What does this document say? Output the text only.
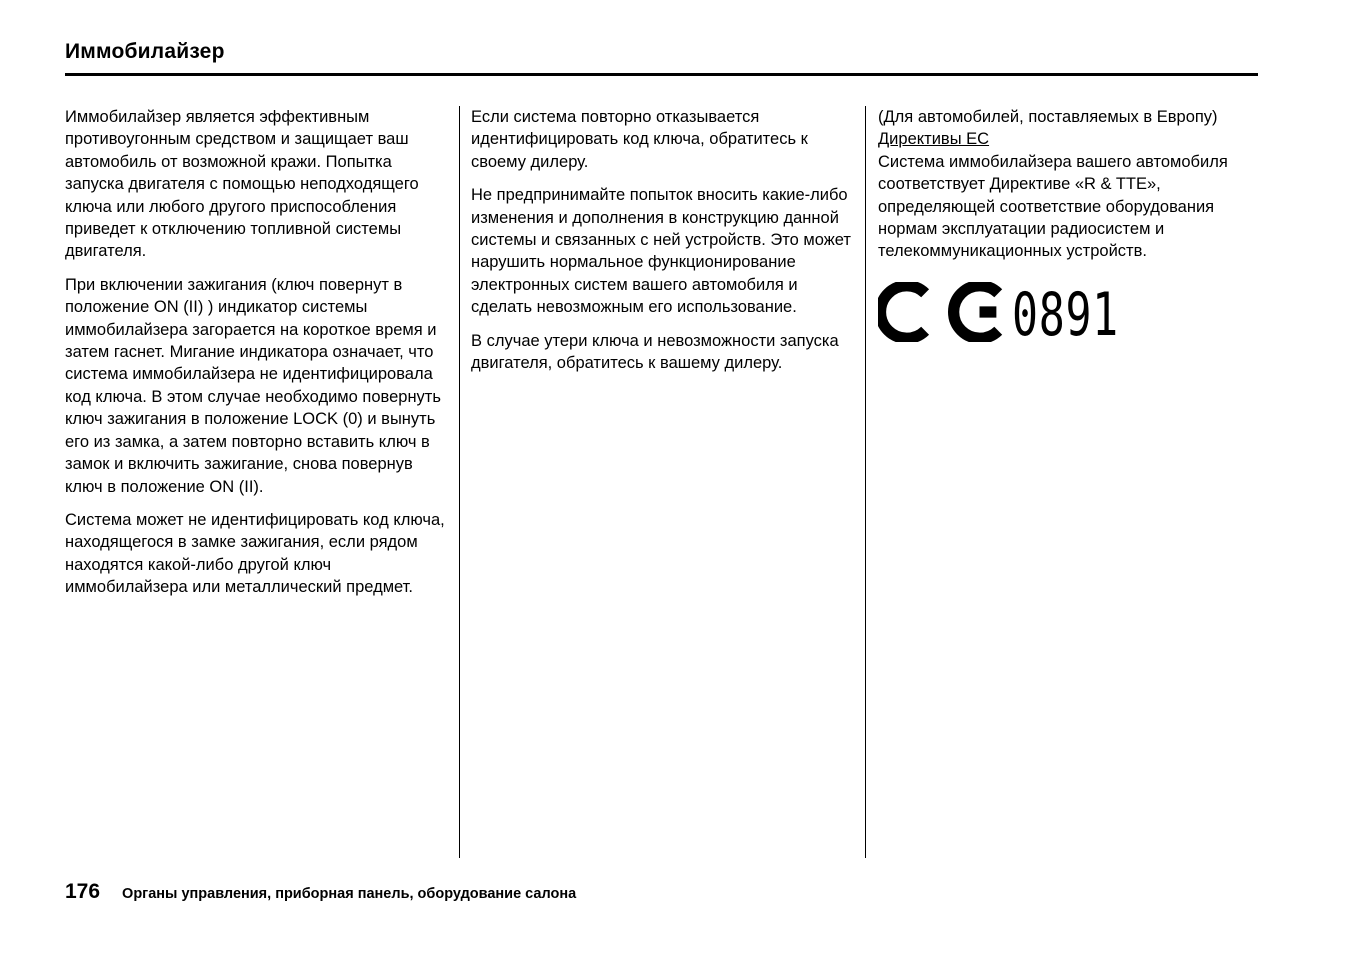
Иммобилайзер

Иммобилайзер является эффективным противоугонным средством и защищает ваш автомобиль от возможной кражи. Попытка запуска двигателя с помощью неподходящего ключа или любого другого приспособления приведет к отключению топливной системы двигателя.

При включении зажигания (ключ повернут в положение ON (II) ) индикатор системы иммобилайзера загорается на короткое время и затем гаснет. Мигание индикатора означает, что система иммобилайзера не идентифицировала код ключа. В этом случае необходимо повернуть ключ зажигания в положение LOCK (0) и вынуть его из замка, а затем повторно вставить ключ в замок и включить зажигание, снова повернув ключ в положение ON (II).

Система может не идентифицировать код ключа, находящегося в замке зажигания, если рядом находятся какой-либо другой ключ иммобилайзера или металлический предмет.

Если система повторно отказывается идентифицировать код ключа, обратитесь к своему дилеру.

Не предпринимайте попыток вносить какие-либо изменения и дополнения в конструкцию данной системы и связанных с ней устройств. Это может нарушить нормальное функционирование электронных систем вашего автомобиля и сделать невозможным его использование.

В случае утери ключа и невозможности запуска двигателя, обратитесь к вашему дилеру.

(Для автомобилей, поставляемых в Европу)

Директивы ЕС

Система иммобилайзера вашего автомобиля соответствует Директиве «R & TTE», определяющей соответствие оборудования нормам эксплуатации радиосистем и телекоммуникационных устройств.

0891
176 Органы управления, приборная панель, оборудование салона
